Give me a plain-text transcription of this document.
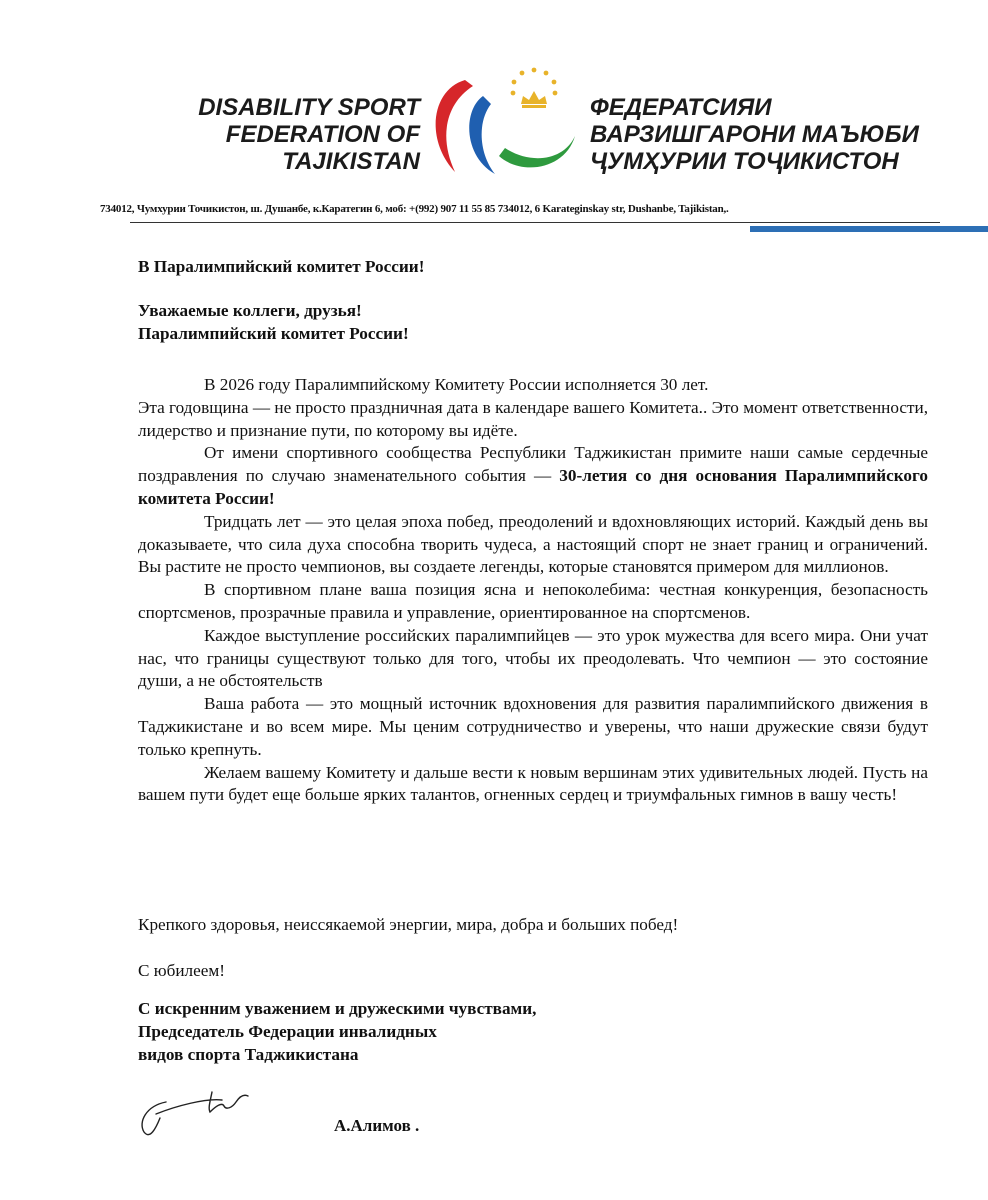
DISABILITY SPORT
FEDERATION OF
TAJIKISTAN
ФЕДЕРАТСИЯИ
ВАРЗИШГАРОНИ МАЪЮБИ
ҶУМҲУРИИ ТОҶИКИСТОН
734012, Чумхурии Точикистон, ш. Душанбе, к.Каратегин 6, моб: +(992) 907 11 55 85 734012, 6 Karateginskay str, Dushanbe, Tajikistan,.
В Паралимпийский комитет России!
Уважаемые коллеги, друзья!
Паралимпийский комитет России!

В 2026 году Паралимпийскому Комитету России исполняется 30 лет.

Эта годовщина — не просто праздничная дата в календаре вашего Комитета.. Это момент ответственности, лидерство и признание пути, по которому вы идёте.

От имени спортивного сообщества Республики Таджикистан примите наши самые сердечные поздравления по случаю знаменательного события — 30-летия со дня основания Паралимпийского комитета России!

Тридцать лет — это целая эпоха побед, преодолений и вдохновляющих историй. Каждый день вы доказываете, что сила духа способна творить чудеса, а настоящий спорт не знает границ и ограничений. Вы растите не просто чемпионов, вы создаете легенды, которые становятся примером для миллионов.

В спортивном плане ваша позиция ясна и непоколебима: честная конкуренция, безопасность спортсменов, прозрачные правила и управление, ориентированное на спортсменов.

Каждое выступление российских паралимпийцев — это урок мужества для всего мира. Они учат нас, что границы существуют только для того, чтобы их преодолевать. Что чемпион — это состояние души, а не обстоятельств

Ваша работа — это мощный источник вдохновения для развития паралимпийского движения в Таджикистане и во всем мире. Мы ценим сотрудничество и уверены, что наши дружеские связи будут только крепнуть.

Желаем вашему Комитету и дальше вести к новым вершинам этих удивительных людей. Пусть на вашем пути будет еще больше ярких талантов, огненных сердец и триумфальных гимнов в вашу честь!

Крепкого здоровья, неиссякаемой энергии, мира, добра и больших побед!

С юбилеем!

С искренним уважением и дружескими чувствами,
Председатель Федерации инвалидных
видов спорта Таджикистана
А.Алимов .
